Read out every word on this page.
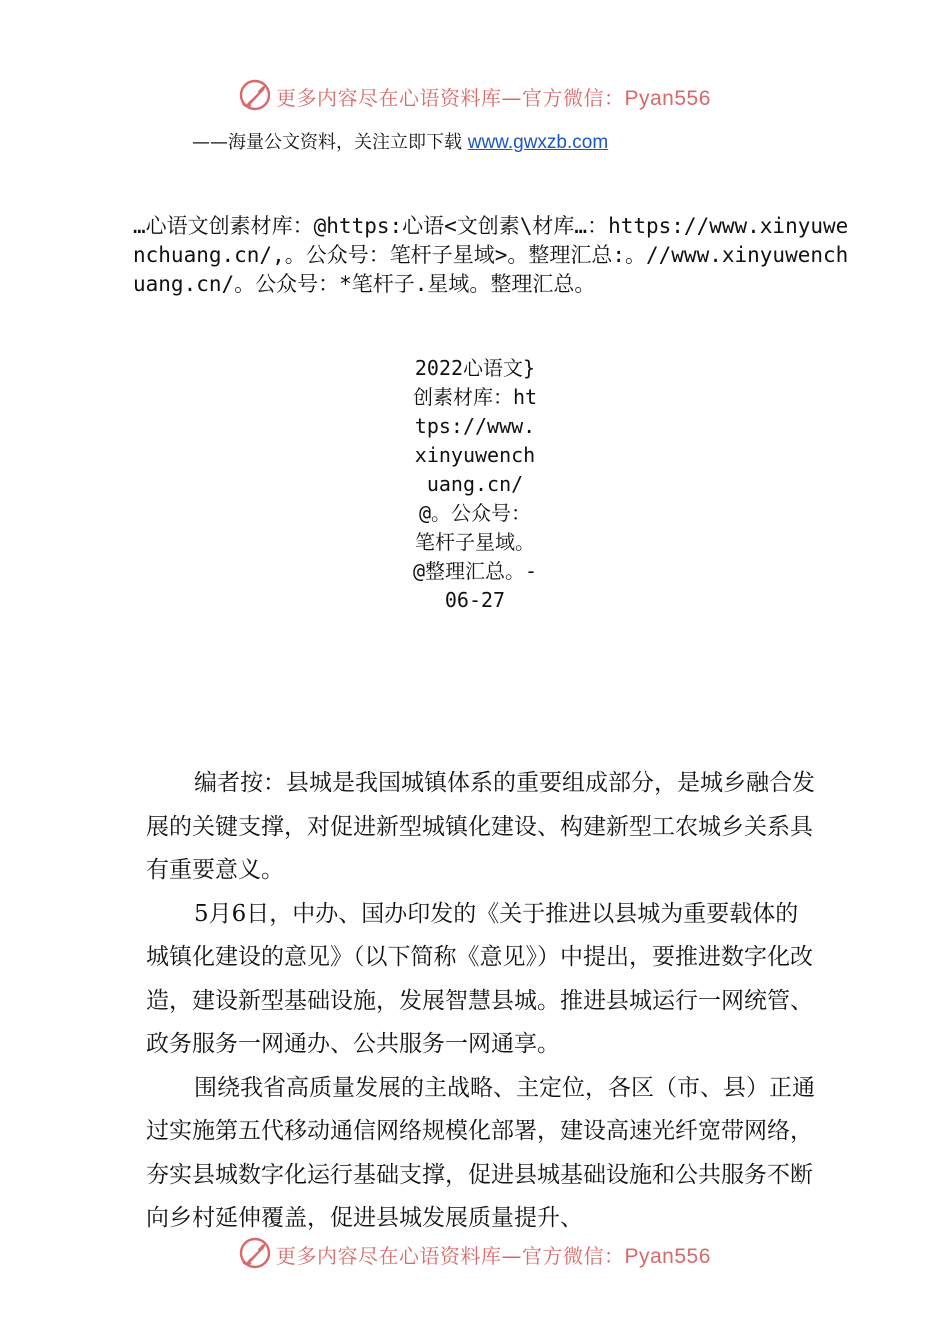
更多内容尽在心语资料库—官方微信：Pyan556
——海量公文资料，关注立即下载 www.gwxzb.com
…心语文创素材库：@https:心语<文创素\材库…：https://www.xinyuwenchuang.cn/,。公众号：笔杆子星域>。整理汇总:。//www.xinyuwenchuang.cn/。公众号：*笔杆子.星域。整理汇总。
2022心语文}创素材库：https://www.xinyuwenchuang.cn/@。公众号：笔杆子星域。@整理汇总。-06-27

编者按：县城是我国城镇体系的重要组成部分，是城乡融合发展的关键支撑，对促进新型城镇化建设、构建新型工农城乡关系具有重要意义。

5月6日，中办、国办印发的《关于推进以县城为重要载体的城镇化建设的意见》（以下简称《意见》）中提出，要推进数字化改造，建设新型基础设施，发展智慧县城。推进县城运行一网统管、政务服务一网通办、公共服务一网通享。

围绕我省高质量发展的主战略、主定位，各区（市、县）正通过实施第五代移动通信网络规模化部署，建设高速光纤宽带网络，夯实县城数字化运行基础支撑，促进县城基础设施和公共服务不断向乡村延伸覆盖，促进县城发展质量提升、

更多内容尽在心语资料库—官方微信：Pyan556
